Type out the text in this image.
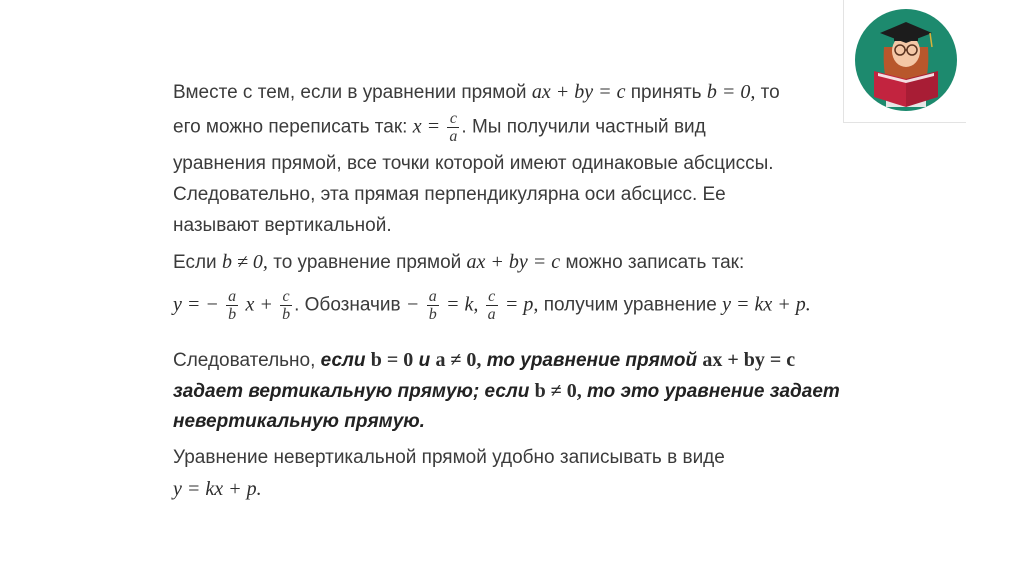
Вместе с тем, если в уравнении прямой ax + by = c принять b = 0, то
его можно переписать так: $x = \frac{c}{a}$ . Мы получили частный вид
уравнения прямой, все точки которой имеют одинаковые абсциссы.
Следовательно, эта прямая перпендикулярна оси абсцисс. Ее
называют вертикальной.
Если b ≠ 0, то уравнение прямой ax + by = c можно записать так:
y = − $\frac{a}{b}$ $x + \frac{c}{b}$ . Обозначив − $\frac{a}{b} = k$, $\frac{c}{a} = p$, получим уравнение y = kx + p.
Следовательно, если b = 0 и a ≠ 0, то уравнение прямой ax + by = c
задает вертикальную прямую; если b ≠ 0, то это уравнение задает
невертикальную прямую.
Уравнение невертикальной прямой удобно записывать в виде
y = kx + p.
